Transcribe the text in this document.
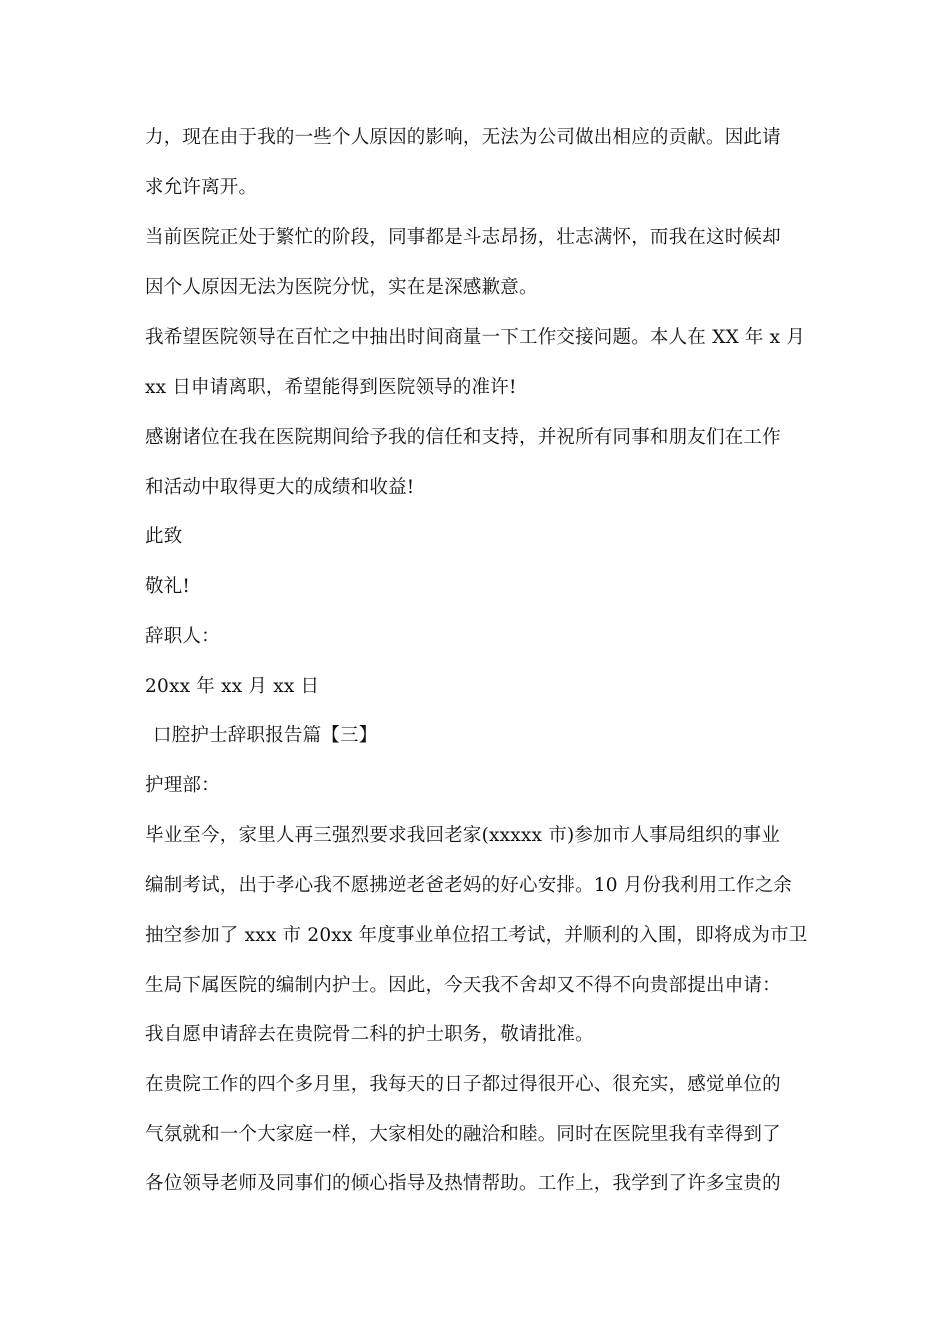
力，现在由于我的一些个人原因的影响，无法为公司做出相应的贡献。因此请
求允许离开。
当前医院正处于繁忙的阶段，同事都是斗志昂扬，壮志满怀，而我在这时候却
因个人原因无法为医院分忧，实在是深感歉意。
我希望医院领导在百忙之中抽出时间商量一下工作交接问题。本人在 XX 年 x 月
xx 日申请离职，希望能得到医院领导的准许!
感谢诸位在我在医院期间给予我的信任和支持，并祝所有同事和朋友们在工作
和活动中取得更大的成绩和收益!
此致
敬礼!
辞职人：
20xx 年 xx 月 xx 日
口腔护士辞职报告篇【三】
护理部：
毕业至今，家里人再三强烈要求我回老家(xxxxx 市)参加市人事局组织的事业
编制考试，出于孝心我不愿拂逆老爸老妈的好心安排。10 月份我利用工作之余
抽空参加了 xxx 市 20xx 年度事业单位招工考试，并顺利的入围，即将成为市卫
生局下属医院的编制内护士。因此，今天我不舍却又不得不向贵部提出申请：
我自愿申请辞去在贵院骨二科的护士职务，敬请批准。
在贵院工作的四个多月里，我每天的日子都过得很开心、很充实，感觉单位的
气氛就和一个大家庭一样，大家相处的融洽和睦。同时在医院里我有幸得到了
各位领导老师及同事们的倾心指导及热情帮助。工作上，我学到了许多宝贵的
